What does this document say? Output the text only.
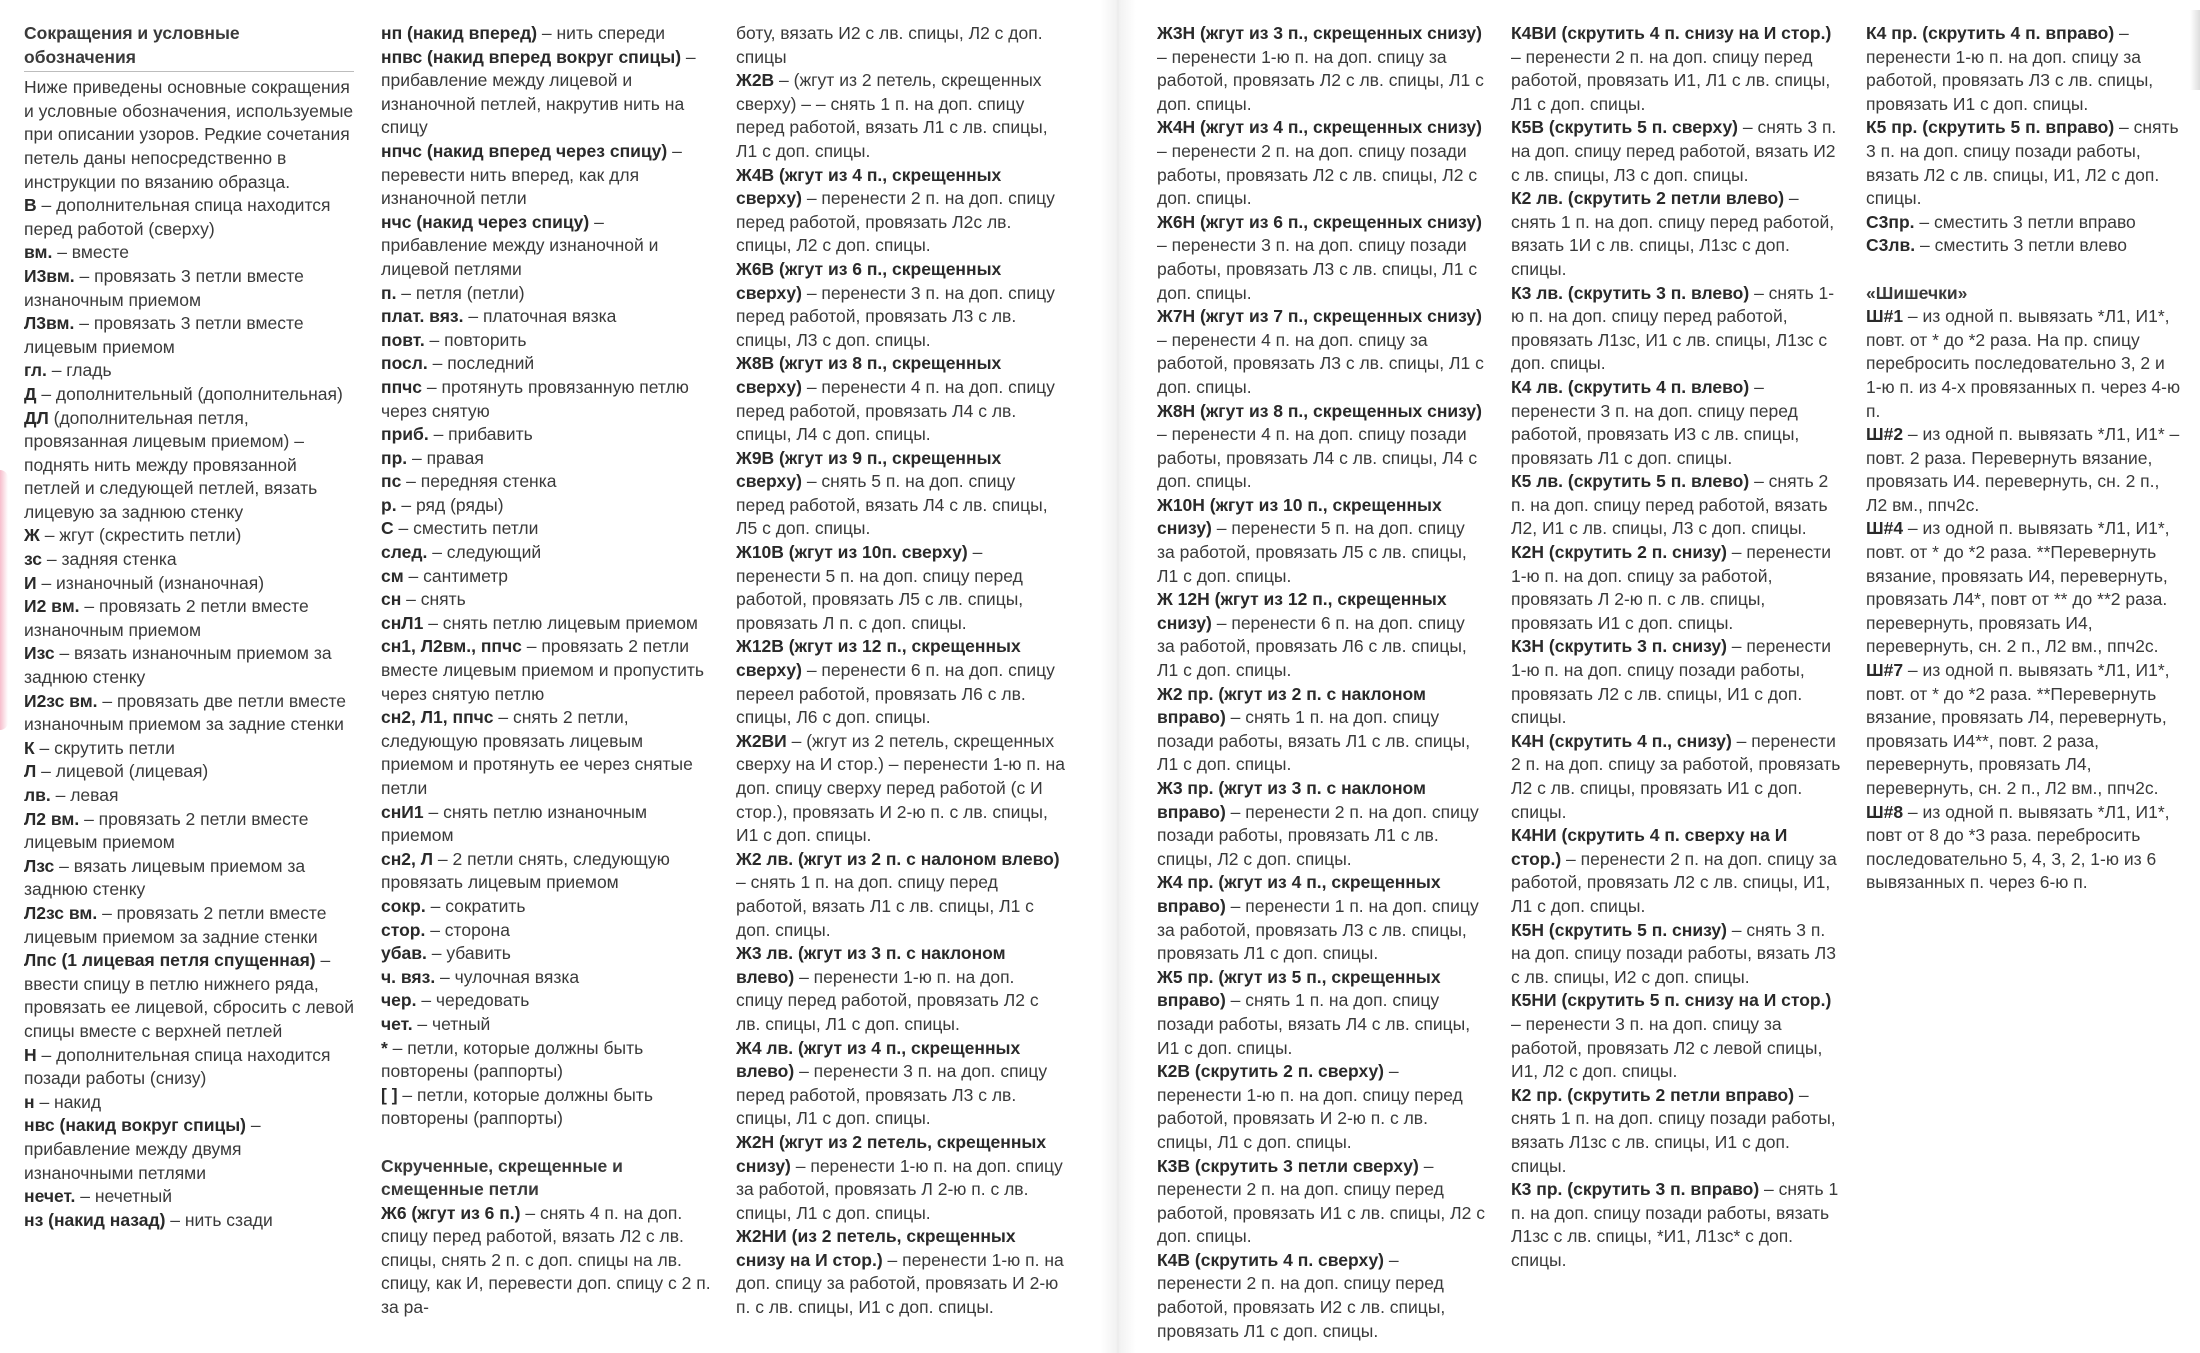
Сокращения и условные обозначения

Ниже приведены основные сокращения и условные обозначения, используемые при описании узоров. Редкие сочетания петель даны непосредственно в инструкции по вязанию образца.

В – дополнительная спица находится перед работой (сверху)

вм. – вместе

И3вм. – провязать 3 петли вместе изнаночным приемом

Л3вм. – провязать 3 петли вместе лицевым приемом

гл. – гладь

Д – дополнительный (дополнительная)

ДЛ (дополнительная петля, провязанная лицевым приемом) – поднять нить между провязанной петлей и следующей петлей, вязать лицевую за заднюю стенку

Ж – жгут (скрестить петли)

зс – задняя стенка

И – изнаночный (изнаночная)

И2 вм. – провязать 2 петли вместе изнаночным приемом

Изс – вязать изнаночным приемом за заднюю стенку

И2зс вм. – провязать две петли вместе изнаночным приемом за задние стенки

К – скрутить петли

Л – лицевой (лицевая)

лв. – левая

Л2 вм. – провязать 2 петли вместе лицевым приемом

Лзс – вязать лицевым приемом за заднюю стенку

Л2зс вм. – провязать 2 петли вместе лицевым приемом за задние стенки

Лпс (1 лицевая петля спущенная) – ввести спицу в петлю нижнего ряда, провязать ее лицевой, сбросить с левой спицы вместе с верхней петлей

Н – дополнительная спица находится позади работы (снизу)

н – накид

нвс (накид вокруг спицы) – прибавление между двумя изнаночными петлями

нечет. – нечетный

нз (накид назад) – нить сзади

нп (накид вперед) – нить спереди

нпвс (накид вперед вокруг спицы) – прибавление между лицевой и изнаночной петлей, накрутив нить на спицу

нпчс (накид вперед через спицу) – перевести нить вперед, как для изнаночной петли

нчс (накид через спицу) – прибавление между изнаночной и лицевой петлями

п. – петля (петли)

плат. вяз. – платочная вязка

повт. – повторить

посл. – последний

ппчс – протянуть провязанную петлю через снятую

приб. – прибавить

пр. – правая

пс – передняя стенка

р. – ряд (ряды)

С – сместить петли

след. – следующий

см – сантиметр

сн – снять

снЛ1 – снять петлю лицевым приемом

сн1, Л2вм., ппчс – провязать 2 петли вместе лицевым приемом и пропустить через снятую петлю

сн2, Л1, ппчс – снять 2 петли, следующую провязать лицевым приемом и протянуть ее через снятые петли

снИ1 – снять петлю изнаночным приемом

сн2, Л – 2 петли снять, следующую провязать лицевым приемом

сокр. – сократить

стор. – сторона

убав. – убавить

ч. вяз. – чулочная вязка

чер. – чередовать

чет. – четный

* – петли, которые должны быть повторены (раппорты)

[ ] – петли, которые должны быть повторены (раппорты)

Скрученные, скрещенные и смещенные петли

Ж6 (жгут из 6 п.) – снять 4 п. на доп. спицу перед работой, вязать Л2 с лв. спицы, снять 2 п. с доп. спицы на лв. спицу, как И, перевести доп. спицу с 2 п. за ра-

боту, вязать И2 с лв. спицы, Л2 с доп. спицы

Ж2В – (жгут из 2 петель, скрещенных сверху) – – снять 1 п. на доп. спицу перед работой, вязать Л1 с лв. спицы, Л1 с доп. спицы.

Ж4В (жгут из 4 п., скрещенных сверху) – перенести 2 п. на доп. спицу перед работой, провязать Л2с лв. спицы, Л2 с доп. спицы.

Ж6В (жгут из 6 п., скрещенных сверху) – перенести 3 п. на доп. спицу перед работой, провязать Л3 с лв. спицы, Л3 с доп. спицы.

Ж8В (жгут из 8 п., скрещенных сверху) – перенести 4 п. на доп. спицу перед работой, провязать Л4 с лв. спицы, Л4 с доп. спицы.

Ж9В (жгут из 9 п., скрещенных сверху) – снять 5 п. на доп. спицу перед работой, вязать Л4 с лв. спицы, Л5 с доп. спицы.

Ж10В (жгут из 10п. сверху) – перенести 5 п. на доп. спицу перед работой, провязать Л5 с лв. спицы, провязать Л п. с доп. спицы.

Ж12В (жгут из 12 п., скрещенных сверху) – перенести 6 п. на доп. спицу переел работой, провязать Л6 с лв. спицы, Л6 с доп. спицы.

Ж2ВИ – (жгут из 2 петель, скрещенных сверху на И стор.) – перенести 1-ю п. на доп. спицу сверху перед работой (с И стор.), провязать И 2-ю п. с лв. спицы, И1 с доп. спицы.

Ж2 лв. (жгут из 2 п. с налоном влево) – снять 1 п. на доп. спицу перед работой, вязать Л1 с лв. спицы, Л1 с доп. спицы.

Ж3 лв. (жгут из 3 п. с наклоном влево) – перенести 1-ю п. на доп. спицу перед работой, провязать Л2 с лв. спицы, Л1 с доп. спицы.

Ж4 лв. (жгут из 4 п., скрещенных влево) – перенести 3 п. на доп. спицу перед работой, провязать Л3 с лв. спицы, Л1 с доп. спицы.

Ж2Н (жгут из 2 петель, скрещенных снизу) – перенести 1-ю п. на доп. спицу за работой, провязать Л 2-ю п. с лв. спицы, Л1 с доп. спицы.

Ж2НИ (из 2 петель, скрещенных снизу на И стор.) – перенести 1-ю п. на доп. спицу за работой, провязать И 2-ю п. с лв. спицы, И1 с доп. спицы.

Ж3Н (жгут из 3 п., скрещенных снизу) – перенести 1-ю п. на доп. спицу за работой, провязать Л2 с лв. спицы, Л1 с доп. спицы.

Ж4Н (жгут из 4 п., скрещенных снизу) – перенести 2 п. на доп. спицу позади работы, провязать Л2 с лв. спицы, Л2 с доп. спицы.

Ж6Н (жгут из 6 п., скрещенных снизу) – перенести 3 п. на доп. спицу позади работы, провязать Л3 с лв. спицы, Л1 с доп. спицы.

Ж7Н (жгут из 7 п., скрещенных снизу) – перенести 4 п. на доп. спицу за работой, провязать Л3 с лв. спицы, Л1 с доп. спицы.

Ж8Н (жгут из 8 п., скрещенных снизу) – перенести 4 п. на доп. спицу позади работы, провязать Л4 с лв. спицы, Л4 с доп. спицы.

Ж10Н (жгут из 10 п., скрещенных снизу) – перенести 5 п. на доп. спицу за работой, провязать Л5 с лв. спицы, Л1 с доп. спицы.

Ж 12Н (жгут из 12 п., скрещенных снизу) – перенести 6 п. на доп. спицу за работой, провязать Л6 с лв. спицы, Л1 с доп. спицы.

Ж2 пр. (жгут из 2 п. с наклоном вправо) – снять 1 п. на доп. спицу позади работы, вязать Л1 с лв. спицы, Л1 с доп. спицы.

Ж3 пр. (жгут из 3 п. с наклоном вправо) – перенести 2 п. на доп. спицу позади работы, провязать Л1 с лв. спицы, Л2 с доп. спицы.

Ж4 пр. (жгут из 4 п., скрещенных вправо) – перенести 1 п. на доп. спицу за работой, провязать Л3 с лв. спицы, провязать Л1 с доп. спицы.

Ж5 пр. (жгут из 5 п., скрещенных вправо) – снять 1 п. на доп. спицу позади работы, вязать Л4 с лв. спицы, И1 с доп. спицы.

К2В (скрутить 2 п. сверху) – перенести 1-ю п. на доп. спицу перед работой, провязать И 2-ю п. с лв. спицы, Л1 с доп. спицы.

К3В (скрутить 3 петли сверху) – перенести 2 п. на доп. спицу перед работой, провязать И1 с лв. спицы, Л2 с доп. спицы.

К4В (скрутить 4 п. сверху) – перенести 2 п. на доп. спицу перед работой, провязать И2 с лв. спицы, провязать Л1 с доп. спицы.

К4ВИ (скрутить 4 п. снизу на И стор.) – перенести 2 п. на доп. спицу перед работой, провязать И1, Л1 с лв. спицы, Л1 с доп. спицы.

К5В (скрутить 5 п. сверху) – снять 3 п. на доп. спицу перед работой, вязать И2 с лв. спицы, Л3 с доп. спицы.

К2 лв. (скрутить 2 петли влево) – снять 1 п. на доп. спицу перед работой, вязать 1И с лв. спицы, Л1зс с доп. спицы.

К3 лв. (скрутить 3 п. влево) – снять 1-ю п. на доп. спицу перед работой, провязать Л1зс, И1 с лв. спицы, Л1зс с доп. спицы.

К4 лв. (скрутить 4 п. влево) – перенести 3 п. на доп. спицу перед работой, провязать И3 с лв. спицы, провязать Л1 с доп. спицы.

К5 лв. (скрутить 5 п. влево) – снять 2 п. на доп. спицу перед работой, вязать Л2, И1 с лв. спицы, Л3 с доп. спицы.

К2Н (скрутить 2 п. снизу) – перенести 1-ю п. на доп. спицу за работой, провязать Л 2-ю п. с лв. спицы, провязать И1 с доп. спицы.

К3Н (скрутить 3 п. снизу) – перенести 1-ю п. на доп. спицу позади работы, провязать Л2 с лв. спицы, И1 с доп. спицы.

К4Н (скрутить 4 п., снизу) – перенести 2 п. на доп. спицу за работой, провязать Л2 с лв. спицы, провязать И1 с доп. спицы.

К4НИ (скрутить 4 п. сверху на И стор.) – перенести 2 п. на доп. спицу за работой, провязать Л2 с лв. спицы, И1, Л1 с доп. спицы.

К5Н (скрутить 5 п. снизу) – снять 3 п. на доп. спицу позади работы, вязать Л3 с лв. спицы, И2 с доп. спицы.

К5НИ (скрутить 5 п. снизу на И стор.) – перенести 3 п. на доп. спицу за работой, провязать Л2 с левой спицы, И1, Л2 с доп. спицы.

К2 пр. (скрутить 2 петли вправо) – снять 1 п. на доп. спицу позади работы, вязать Л1зс с лв. спицы, И1 с доп. спицы.

К3 пр. (скрутить 3 п. вправо) – снять 1 п. на доп. спицу позади работы, вязать Л1зс с лв. спицы, *И1, Л1зс* с доп. спицы.

К4 пр. (скрутить 4 п. вправо) – перенести 1-ю п. на доп. спицу за работой, провязать Л3 с лв. спицы, провязать И1 с доп. спицы.

К5 пр. (скрутить 5 п. вправо) – снять 3 п. на доп. спицу позади работы, вязать Л2 с лв. спицы, И1, Л2 с доп. спицы.

С3пр. – сместить 3 петли вправо

С3лв. – сместить 3 петли влево

«Шишечки»

Ш#1 – из одной п. вывязать *Л1, И1*, повт. от * до *2 раза. На пр. спицу перебросить последовательно 3, 2 и 1-ю п. из 4-х провязанных п. через 4-ю п.

Ш#2 – из одной п. вывязать *Л1, И1* – повт. 2 раза. Перевернуть вязание, провязать И4. перевернуть, сн. 2 п., Л2 вм., ппч2с.

Ш#4 – из одной п. вывязать *Л1, И1*, повт. от * до *2 раза. **Перевернуть вязание, провязать И4, перевернуть, провязать Л4*, повт от ** до **2 раза. перевернуть, провязать И4, перевернуть, сн. 2 п., Л2 вм., ппч2с.

Ш#7 – из одной п. вывязать *Л1, И1*, повт. от * до *2 раза. **Перевернуть вязание, провязать Л4, перевернуть, провязать И4**, повт. 2 раза, перевернуть, провязать Л4, перевернуть, сн. 2 п., Л2 вм., ппч2с.

Ш#8 – из одной п. вывязать *Л1, И1*, повт от 8 до *3 раза. перебросить последовательно 5, 4, 3, 2, 1-ю из 6 вывязанных п. через 6-ю п.
